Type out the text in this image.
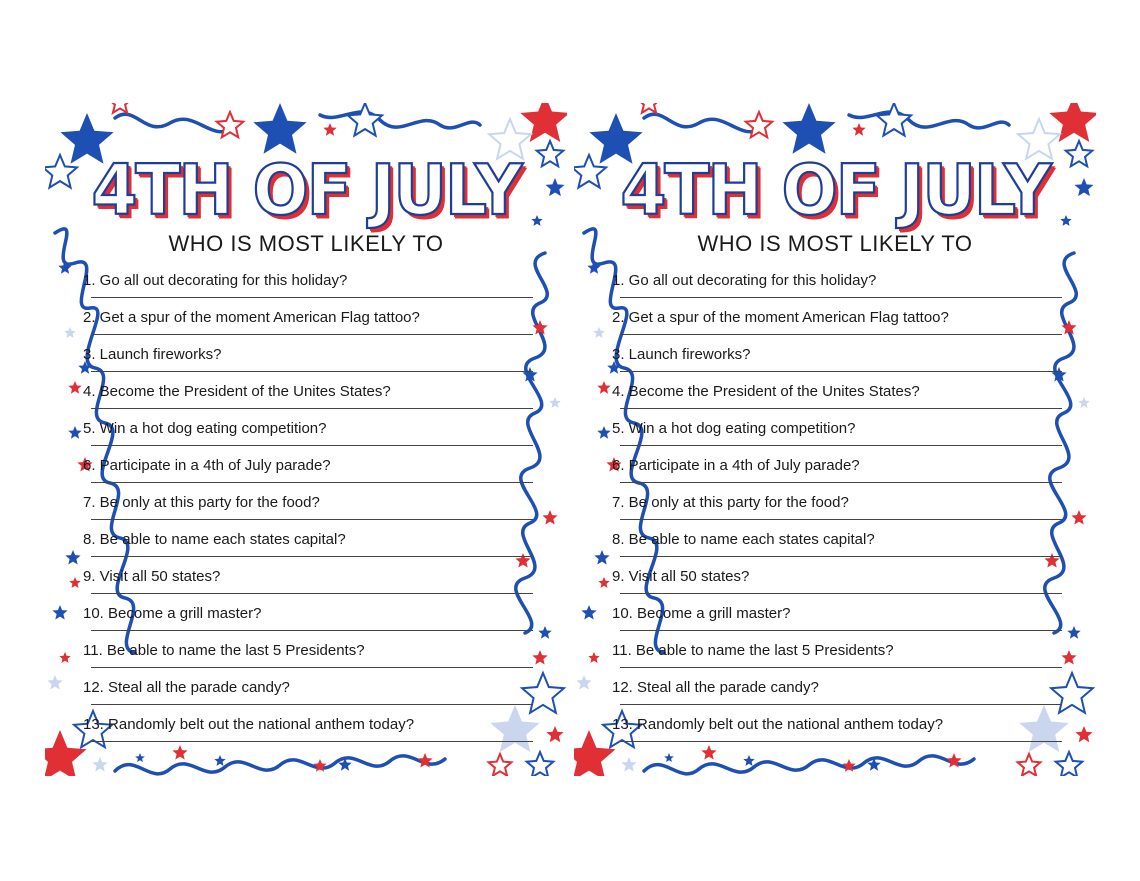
4TH OF JULY
WHO IS MOST LIKELY TO
1. Go all out decorating for this holiday?
2. Get a spur of the moment American Flag tattoo?
3. Launch fireworks?
4. Become the President of the Unites States?
5. Win a hot dog eating competition?
6. Participate in a 4th of July parade?
7. Be only at this party for the food?
8. Be able to name each states capital?
9. Visit all 50 states?
10. Become a grill master?
11. Be able to name the last 5 Presidents?
12. Steal all the parade candy?
13. Randomly belt out the national anthem today?
4TH OF JULY
WHO IS MOST LIKELY TO
1. Go all out decorating for this holiday?
2. Get a spur of the moment American Flag tattoo?
3. Launch fireworks?
4. Become the President of the Unites States?
5. Win a hot dog eating competition?
6. Participate in a 4th of July parade?
7. Be only at this party for the food?
8. Be able to name each states capital?
9. Visit all 50 states?
10. Become a grill master?
11. Be able to name the last 5 Presidents?
12. Steal all the parade candy?
13. Randomly belt out the national anthem today?
